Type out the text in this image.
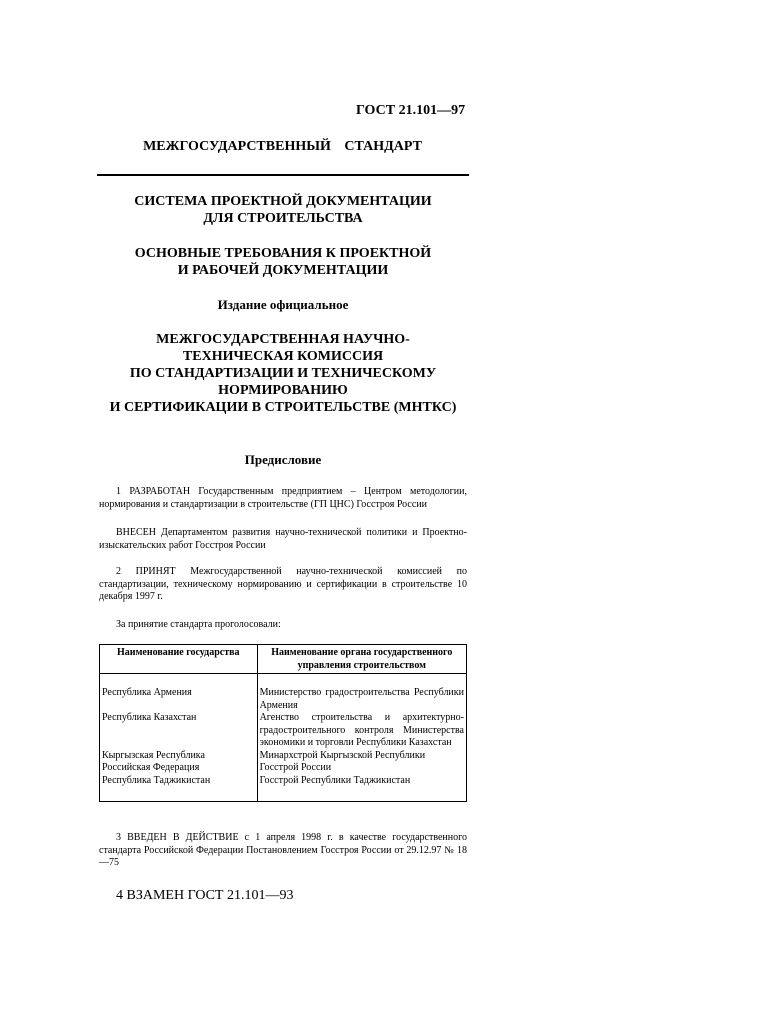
ГОСТ 21.101—97
МЕЖГОСУДАРСТВЕННЫЙ СТАНДАРТ
СИСТЕМА ПРОЕКТНОЙ ДОКУМЕНТАЦИИ
ДЛЯ СТРОИТЕЛЬСТВА
ОСНОВНЫЕ ТРЕБОВАНИЯ К ПРОЕКТНОЙ
И РАБОЧЕЙ ДОКУМЕНТАЦИИ
Издание официальное
МЕЖГОСУДАРСТВЕННАЯ НАУЧНО-
ТЕХНИЧЕСКАЯ КОМИССИЯ
ПО СТАНДАРТИЗАЦИИ И ТЕХНИЧЕСКОМУ
НОРМИРОВАНИЮ
И СЕРТИФИКАЦИИ В СТРОИТЕЛЬСТВЕ (МНТКС)
Предисловие
1 РАЗРАБОТАН Государственным предприятием – Центром методологии, нормирования и стандартизации в строительстве (ГП ЦНС) Госстроя России
ВНЕСЕН Департаментом развития научно-технической политики и Проектно-изыскательских работ Госстроя России
2 ПРИНЯТ Межгосударственной научно-технической комиссией по стандартизации, техническому нормированию и сертификации в строительстве 10 декабря 1997 г.
За принятие стандарта проголосовали:
Наименование государства	Наименование органа государственного управления строительством
Республика Армения	Министерство градостроительства Республики Армения
Республика Казахстан	Агенство строительства и архитектурно-градостроительного контроля Министерства экономики и торговли Республики Казахстан
Кыргызская Республика	Минархстрой Кыргызской Республики
Российская Федерация	Госстрой России
Республика Таджикистан	Госстрой Республики Таджикистан
3 ВВЕДЕН В ДЕЙСТВИЕ с 1 апреля 1998 г. в качестве государственного стандарта Российской Федерации Постановлением Госстроя России от 29.12.97 № 18—75
4 ВЗАМЕН ГОСТ 21.101—93
